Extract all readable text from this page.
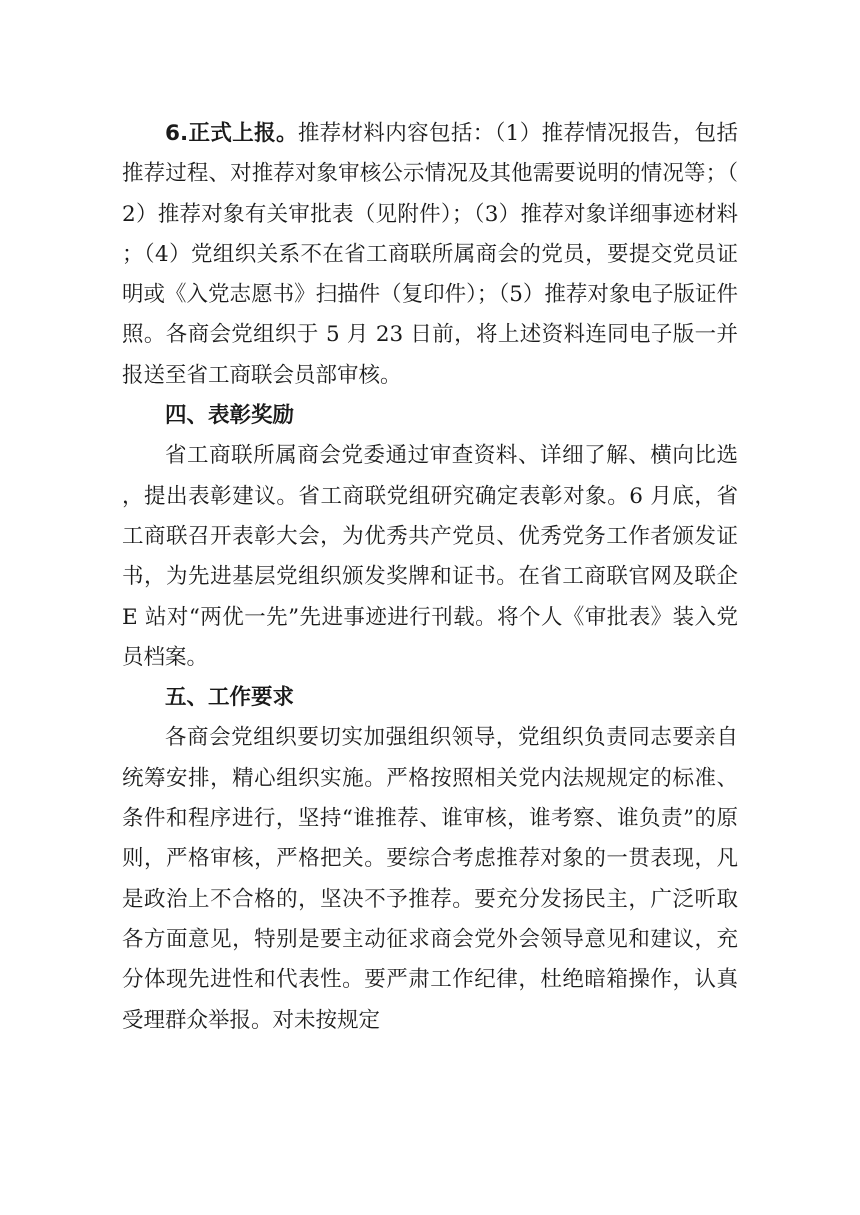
6.正式上报。推荐材料内容包括：（1）推荐情况报告，包括推荐过程、对推荐对象审核公示情况及其他需要说明的情况等；（2）推荐对象有关审批表（见附件）；（3）推荐对象详细事迹材料；（4）党组织关系不在省工商联所属商会的党员，要提交党员证明或《入党志愿书》扫描件（复印件）；（5）推荐对象电子版证件照。各商会党组织于 5 月 23 日前，将上述资料连同电子版一并报送至省工商联会员部审核。

四、表彰奖励

省工商联所属商会党委通过审查资料、详细了解、横向比选，提出表彰建议。省工商联党组研究确定表彰对象。6 月底，省工商联召开表彰大会，为优秀共产党员、优秀党务工作者颁发证书，为先进基层党组织颁发奖牌和证书。在省工商联官网及联企 E 站对“两优一先”先进事迹进行刊载。将个人《审批表》装入党员档案。

五、工作要求

各商会党组织要切实加强组织领导，党组织负责同志要亲自统筹安排，精心组织实施。严格按照相关党内法规规定的标准、条件和程序进行，坚持“谁推荐、谁审核，谁考察、谁负责”的原则，严格审核，严格把关。要综合考虑推荐对象的一贯表现，凡是政治上不合格的，坚决不予推荐。要充分发扬民主，广泛听取各方面意见，特别是要主动征求商会党外会领导意见和建议，充分体现先进性和代表性。要严肃工作纪律，杜绝暗箱操作，认真受理群众举报。对未按规定
